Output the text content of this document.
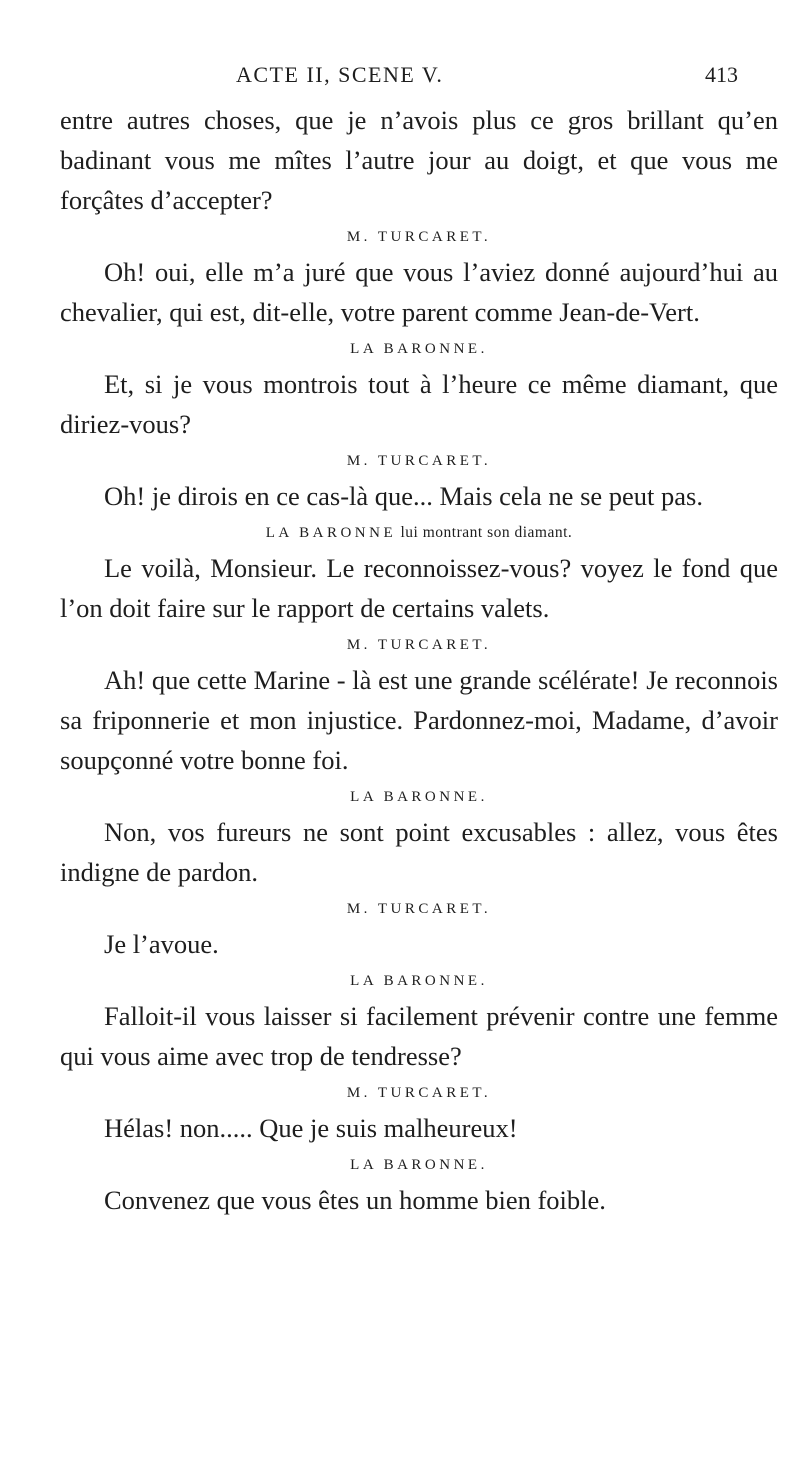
ACTE II, SCENE V.	413

entre autres choses, que je n’avois plus ce gros brillant qu’en badinant vous me mîtes l’autre jour au doigt, et que vous me forçâtes d’accepter?

M. TURCARET.

Oh! oui, elle m’a juré que vous l’aviez donné aujourd’hui au chevalier, qui est, dit-elle, votre parent comme Jean-de-Vert.

LA BARONNE.

Et, si je vous montrois tout à l’heure ce même diamant, que diriez-vous?

M. TURCARET.

Oh! je dirois en ce cas-là que... Mais cela ne se peut pas.

LA BARONNE lui montrant son diamant.

Le voilà, Monsieur. Le reconnoissez-vous? voyez le fond que l’on doit faire sur le rapport de certains valets.

M. TURCARET.

Ah! que cette Marine - là est une grande scélérate! Je reconnois sa friponnerie et mon injustice. Pardonnez-moi, Madame, d’avoir soupçonné votre bonne foi.

LA BARONNE.

Non, vos fureurs ne sont point excusables : allez, vous êtes indigne de pardon.

M. TURCARET.

Je l’avoue.

LA BARONNE.

Falloit-il vous laisser si facilement prévenir contre une femme qui vous aime avec trop de tendresse?

M. TURCARET.

Hélas! non..... Que je suis malheureux!

LA BARONNE.

Convenez que vous êtes un homme bien foible.
